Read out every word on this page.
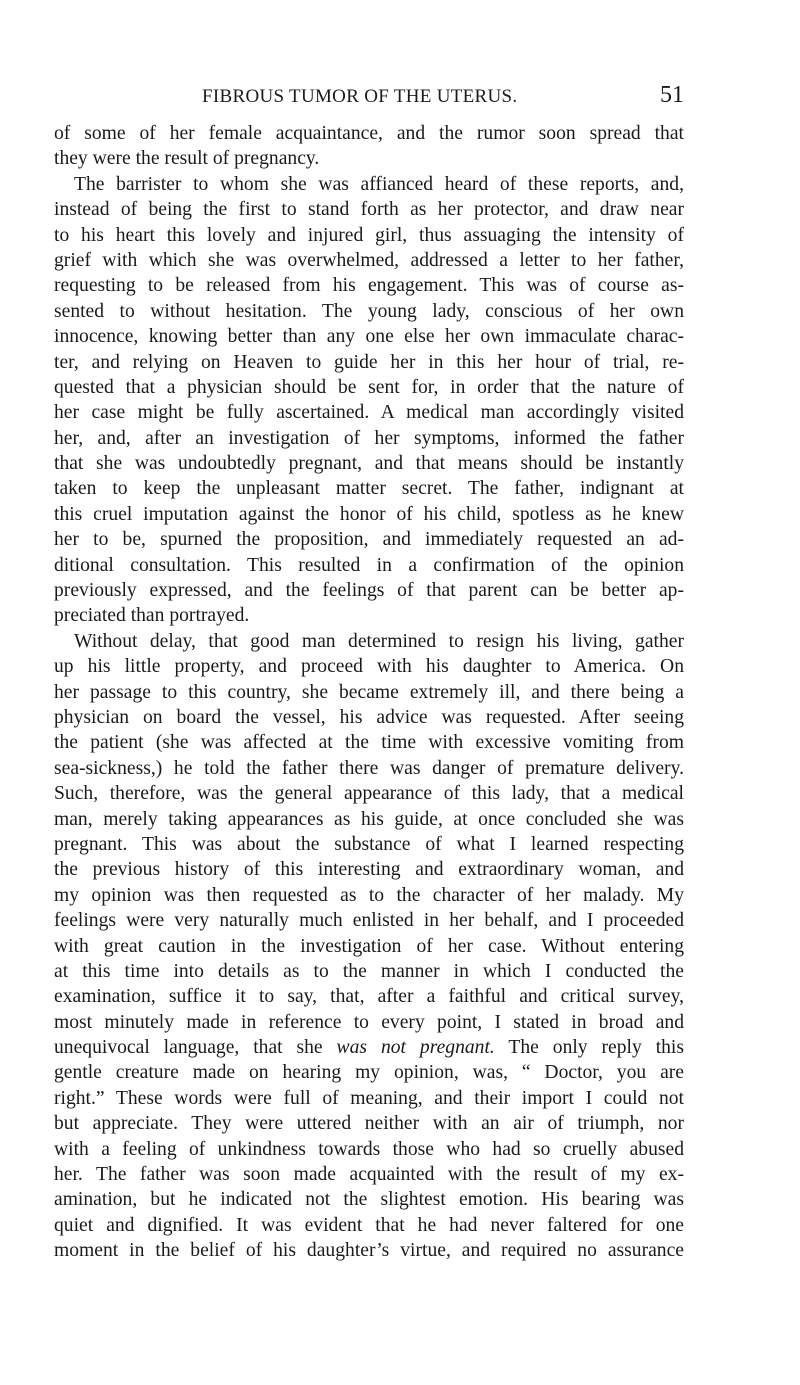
FIBROUS TUMOR OF THE UTERUS.	51
of some of her female acquaintance, and the rumor soon spread that
they were the result of pregnancy.
The barrister to whom she was affianced heard of these reports, and,
instead of being the first to stand forth as her protector, and draw near
to his heart this lovely and injured girl, thus assuaging the intensity of
grief with which she was overwhelmed, addressed a letter to her father,
requesting to be released from his engagement. This was of course as-
sented to without hesitation. The young lady, conscious of her own
innocence, knowing better than any one else her own immaculate charac-
ter, and relying on Heaven to guide her in this her hour of trial, re-
quested that a physician should be sent for, in order that the nature of
her case might be fully ascertained. A medical man accordingly visited
her, and, after an investigation of her symptoms, informed the father
that she was undoubtedly pregnant, and that means should be instantly
taken to keep the unpleasant matter secret. The father, indignant at
this cruel imputation against the honor of his child, spotless as he knew
her to be, spurned the proposition, and immediately requested an ad-
ditional consultation. This resulted in a confirmation of the opinion
previously expressed, and the feelings of that parent can be better ap-
preciated than portrayed.
Without delay, that good man determined to resign his living, gather
up his little property, and proceed with his daughter to America. On
her passage to this country, she became extremely ill, and there being a
physician on board the vessel, his advice was requested. After seeing
the patient (she was affected at the time with excessive vomiting from
sea-sickness,) he told the father there was danger of premature delivery.
Such, therefore, was the general appearance of this lady, that a medical
man, merely taking appearances as his guide, at once concluded she was
pregnant. This was about the substance of what I learned respecting
the previous history of this interesting and extraordinary woman, and
my opinion was then requested as to the character of her malady. My
feelings were very naturally much enlisted in her behalf, and I proceeded
with great caution in the investigation of her case. Without entering
at this time into details as to the manner in which I conducted the
examination, suffice it to say, that, after a faithful and critical survey,
most minutely made in reference to every point, I stated in broad and
unequivocal language, that she was not pregnant. The only reply this
gentle creature made on hearing my opinion, was, “ Doctor, you are
right.” These words were full of meaning, and their import I could not
but appreciate. They were uttered neither with an air of triumph, nor
with a feeling of unkindness towards those who had so cruelly abused
her. The father was soon made acquainted with the result of my ex-
amination, but he indicated not the slightest emotion. His bearing was
quiet and dignified. It was evident that he had never faltered for one
moment in the belief of his daughter’s virtue, and required no assurance
